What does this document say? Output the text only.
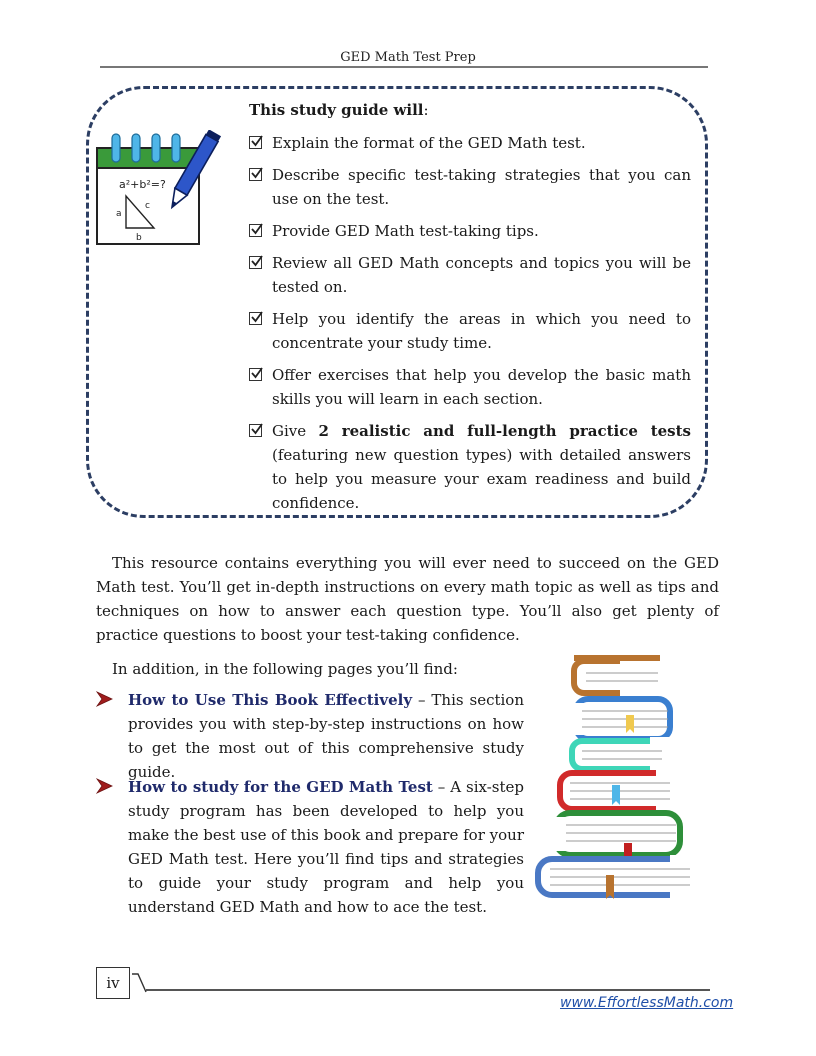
GED Math Test Prep
a²+b²=?
a
c
b
This study guide will:
Explain the format of the GED Math test.
Describe specific test-taking strategies that you can use on the test.
Provide GED Math test-taking tips.
Review all GED Math concepts and topics you will be tested on.
Help you identify the areas in which you need to concentrate your study time.
Offer exercises that help you develop the basic math skills you will learn in each section.
Give 2 realistic and full-length practice tests (featuring new question types) with detailed answers to help you measure your exam readiness and build confidence.

This resource contains everything you will ever need to succeed on the GED Math test. You’ll get in-depth instructions on every math topic as well as tips and techniques on how to answer each question type. You’ll also get plenty of practice questions to boost your test-taking confidence.

In addition, in the following pages you’ll find:
How to Use This Book Effectively – This section provides you with step-by-step instructions on how to get the most out of this comprehensive study guide.
How to study for the GED Math Test – A six-step study program has been developed to help you make the best use of this book and prepare for your GED Math test. Here you’ll find tips and strategies to guide your study program and help you understand GED Math and how to ace the test.
iv
www.EffortlessMath.com
